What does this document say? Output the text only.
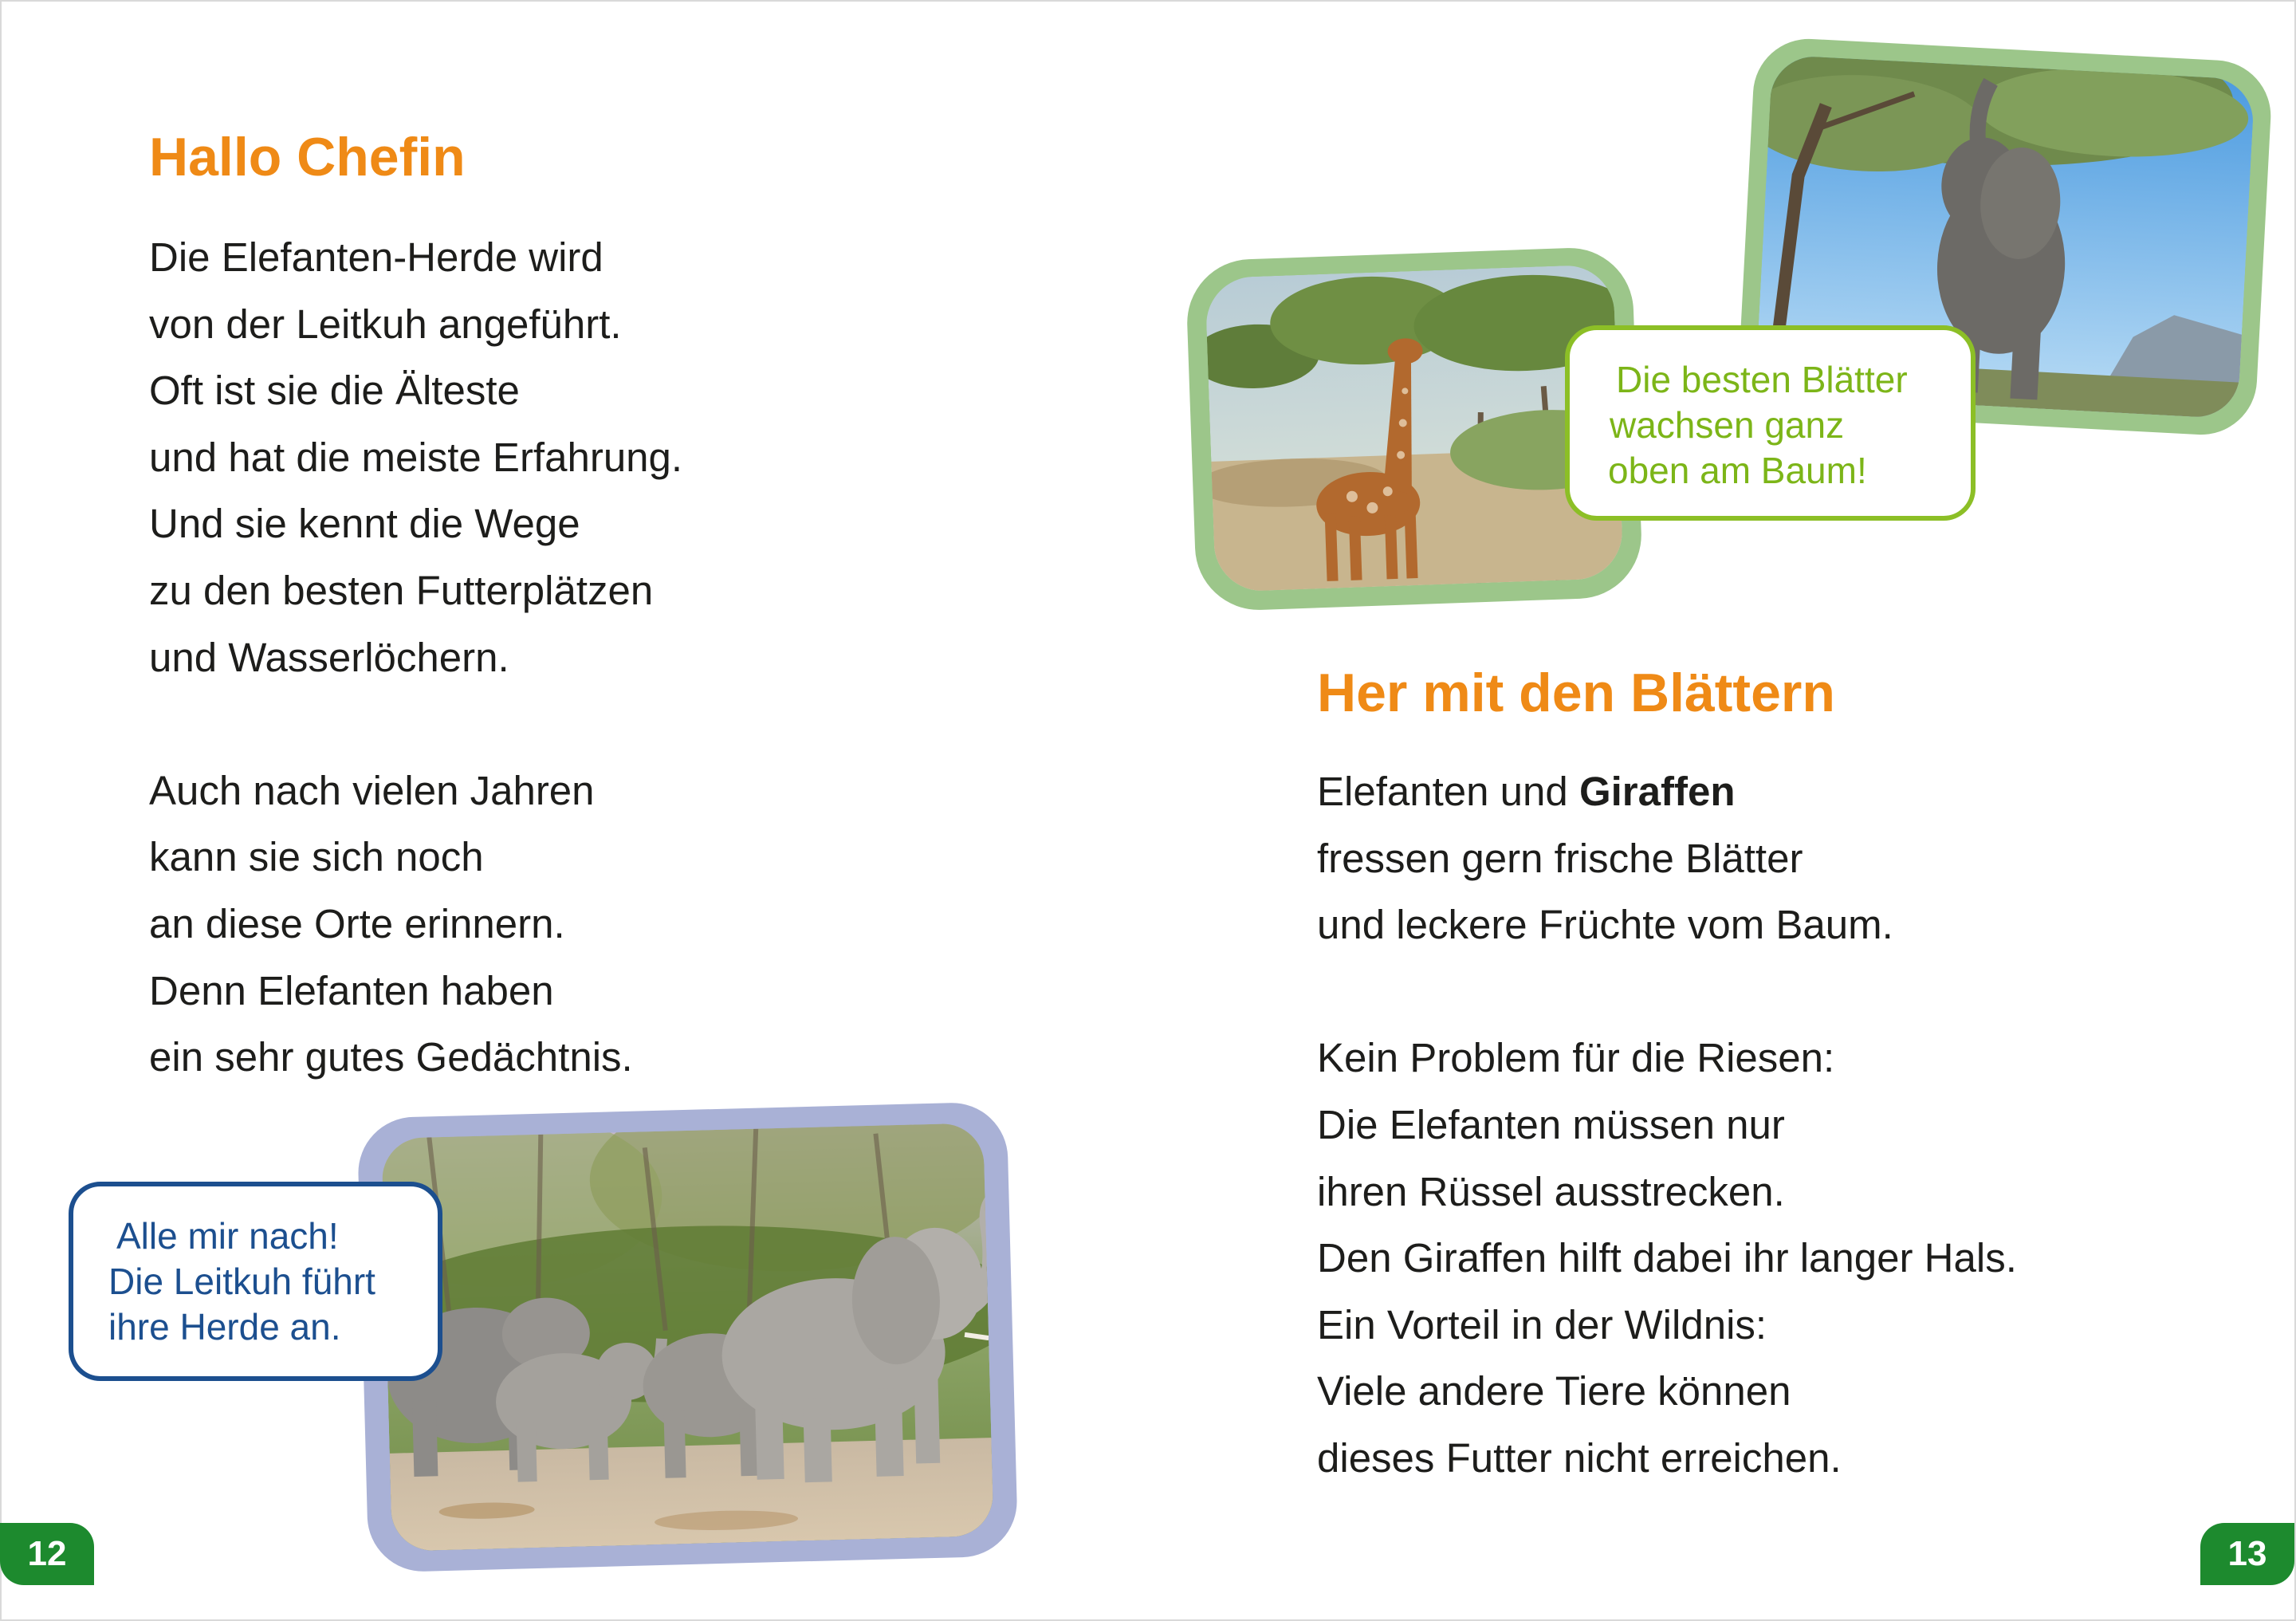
Hallo Chefin
Die Elefanten-Herde wird
von der Leitkuh angeführt.
Oft ist sie die Älteste
und hat die meiste Erfahrung.
Und sie kennt die Wege
zu den besten Futterplätzen
und Wasserlöchern.
Auch nach vielen Jahren
kann sie sich noch
an diese Orte erinnern.
Denn Elefanten haben
ein sehr gutes Gedächtnis.
Alle mir nach!
Die Leitkuh führt
ihre Herde an.
12
Die besten Blätter
wachsen ganz
oben am Baum!
Her mit den Blättern
Elefanten und Giraffen
fressen gern frische Blätter
und leckere Früchte vom Baum.
Kein Problem für die Riesen:
Die Elefanten müssen nur
ihren Rüssel ausstrecken.
Den Giraffen hilft dabei ihr langer Hals.
Ein Vorteil in der Wildnis:
Viele andere Tiere können
dieses Futter nicht erreichen.
13
